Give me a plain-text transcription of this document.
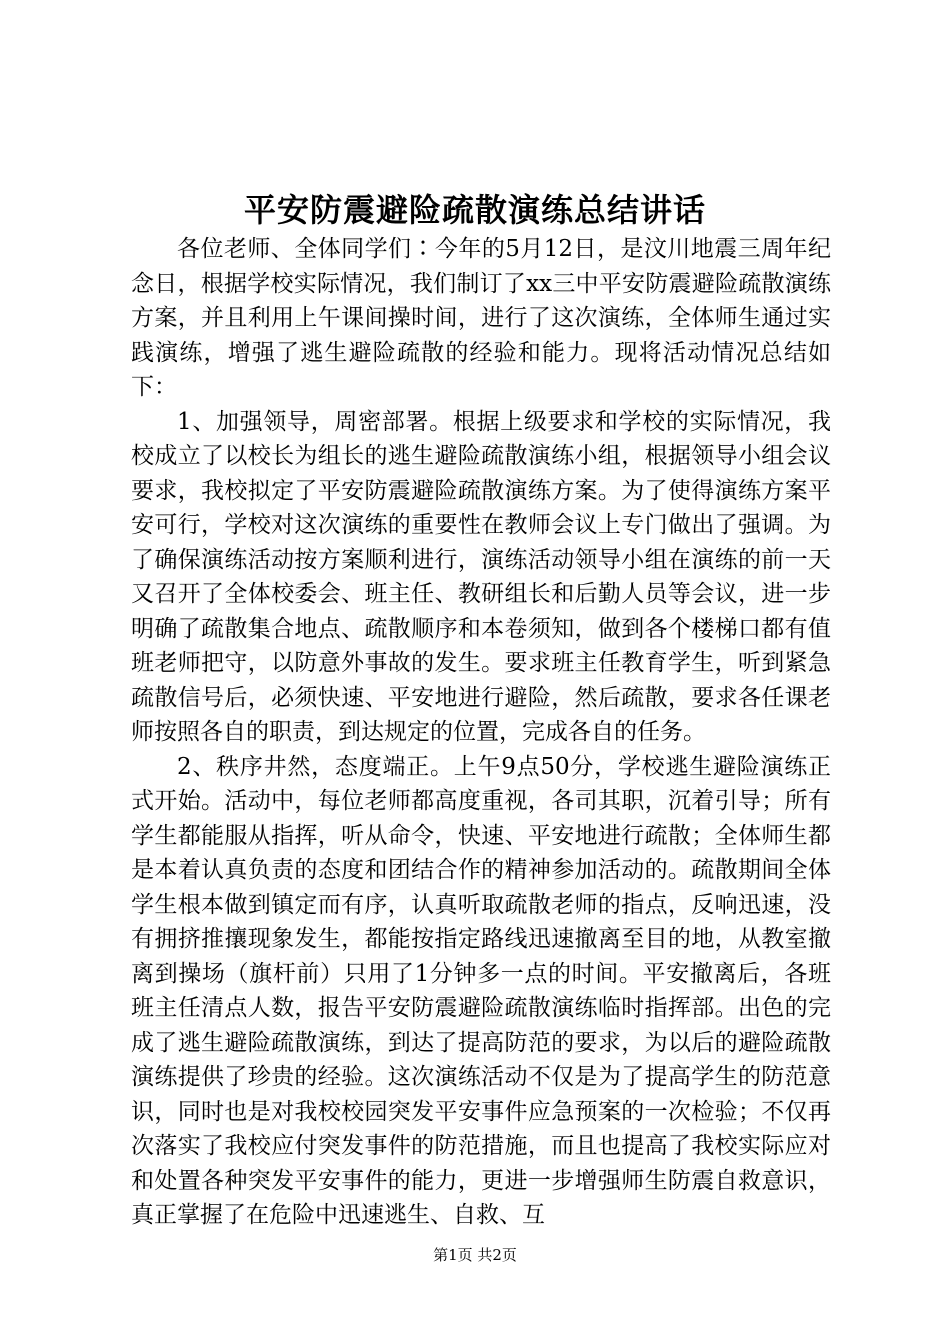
平安防震避险疏散演练总结讲话

各位老师、全体同学们∶今年的5月12日，是汶川地震三周年纪念日，根据学校实际情况，我们制订了xx三中平安防震避险疏散演练方案，并且利用上午课间操时间，进行了这次演练，全体师生通过实践演练，增强了逃生避险疏散的经验和能力。现将活动情况总结如下：

1、加强领导，周密部署。根据上级要求和学校的实际情况，我校成立了以校长为组长的逃生避险疏散演练小组，根据领导小组会议要求，我校拟定了平安防震避险疏散演练方案。为了使得演练方案平安可行，学校对这次演练的重要性在教师会议上专门做出了强调。为了确保演练活动按方案顺利进行，演练活动领导小组在演练的前一天又召开了全体校委会、班主任、教研组长和后勤人员等会议，进一步明确了疏散集合地点、疏散顺序和本卷须知，做到各个楼梯口都有值班老师把守，以防意外事故的发生。要求班主任教育学生，听到紧急疏散信号后，必须快速、平安地进行避险，然后疏散，要求各任课老师按照各自的职责，到达规定的位置，完成各自的任务。

2、秩序井然，态度端正。上午9点50分，学校逃生避险演练正式开始。活动中，每位老师都高度重视，各司其职，沉着引导；所有学生都能服从指挥，听从命令，快速、平安地进行疏散；全体师生都是本着认真负责的态度和团结合作的精神参加活动的。疏散期间全体学生根本做到镇定而有序，认真听取疏散老师的指点，反响迅速，没有拥挤推攘现象发生，都能按指定路线迅速撤离至目的地，从教室撤离到操场（旗杆前）只用了1分钟多一点的时间。平安撤离后，各班班主任清点人数，报告平安防震避险疏散演练临时指挥部。出色的完成了逃生避险疏散演练，到达了提高防范的要求，为以后的避险疏散演练提供了珍贵的经验。这次演练活动不仅是为了提高学生的防范意识，同时也是对我校校园突发平安事件应急预案的一次检验；不仅再次落实了我校应付突发事件的防范措施，而且也提高了我校实际应对和处置各种突发平安事件的能力，更进一步增强师生防震自救意识，真正掌握了在危险中迅速逃生、自救、互

第1页 共2页
